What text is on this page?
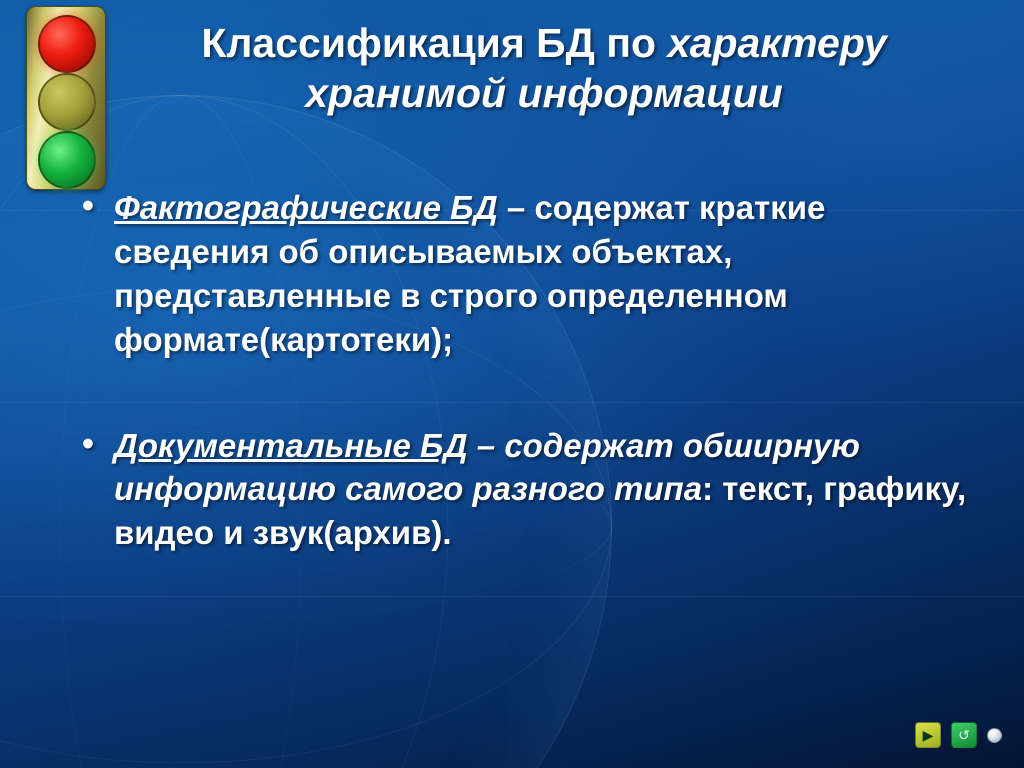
Классификация БД по характеру
хранимой информации
• Фактографические БД – содержат краткие сведения об описываемых объектах, представленные в строго определенном формате(картотеки);
• Документальные БД – содержат обширную информацию самого разного типа: текст, графику, видео и звук(архив).
▶	↺
